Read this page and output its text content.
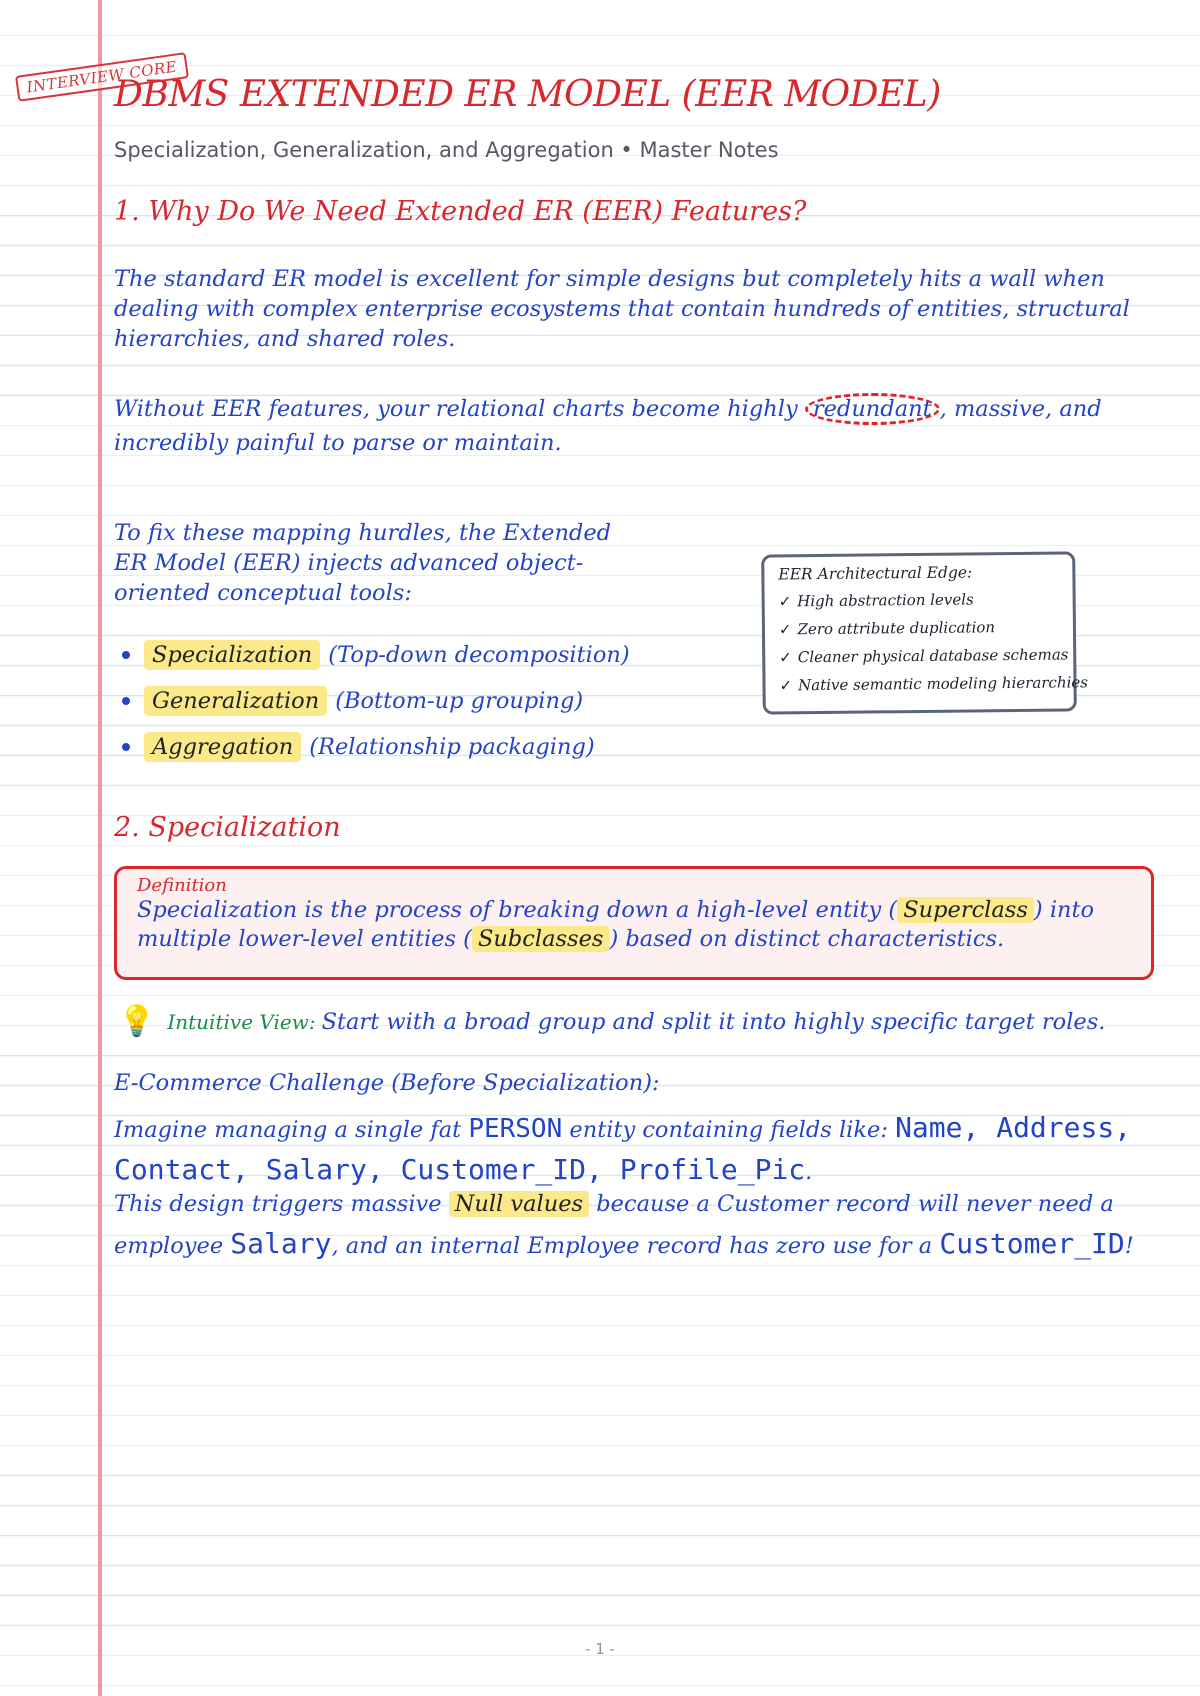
INTERVIEW CORE
DBMS EXTENDED ER MODEL (EER MODEL)
Specialization, Generalization, and Aggregation • Master Notes
1. Why Do We Need Extended ER (EER) Features?

The standard ER model is excellent for simple designs but completely hits a wall when dealing with complex enterprise ecosystems that contain hundreds of entities, structural hierarchies, and shared roles.

Without EER features, your relational charts become highly redundant , massive, and incredibly painful to parse or maintain.

To fix these mapping hurdles, the Extended ER Model (EER) injects advanced object-oriented conceptual tools:

Specialization (Top-down decomposition)
Generalization (Bottom-up grouping)
Aggregation (Relationship packaging)
EER Architectural Edge:
✓ High abstraction levels
✓ Zero attribute duplication
✓ Cleaner physical database schemas
✓ Native semantic modeling hierarchies
2. Specialization
Definition
Specialization is the process of breaking down a high-level entity ( Superclass ) into multiple lower-level entities ( Subclasses ) based on distinct characteristics.
💡 Intuitive View: Start with a broad group and split it into highly specific target roles.
E-Commerce Challenge (Before Specialization):

Imagine managing a single fat PERSON entity containing fields like: Name, Address, Contact, Salary, Customer_ID, Profile_Pic.

This design triggers massive Null values because a Customer record will never need a employee Salary, and an internal Employee record has zero use for a Customer_ID!

- 1 -
